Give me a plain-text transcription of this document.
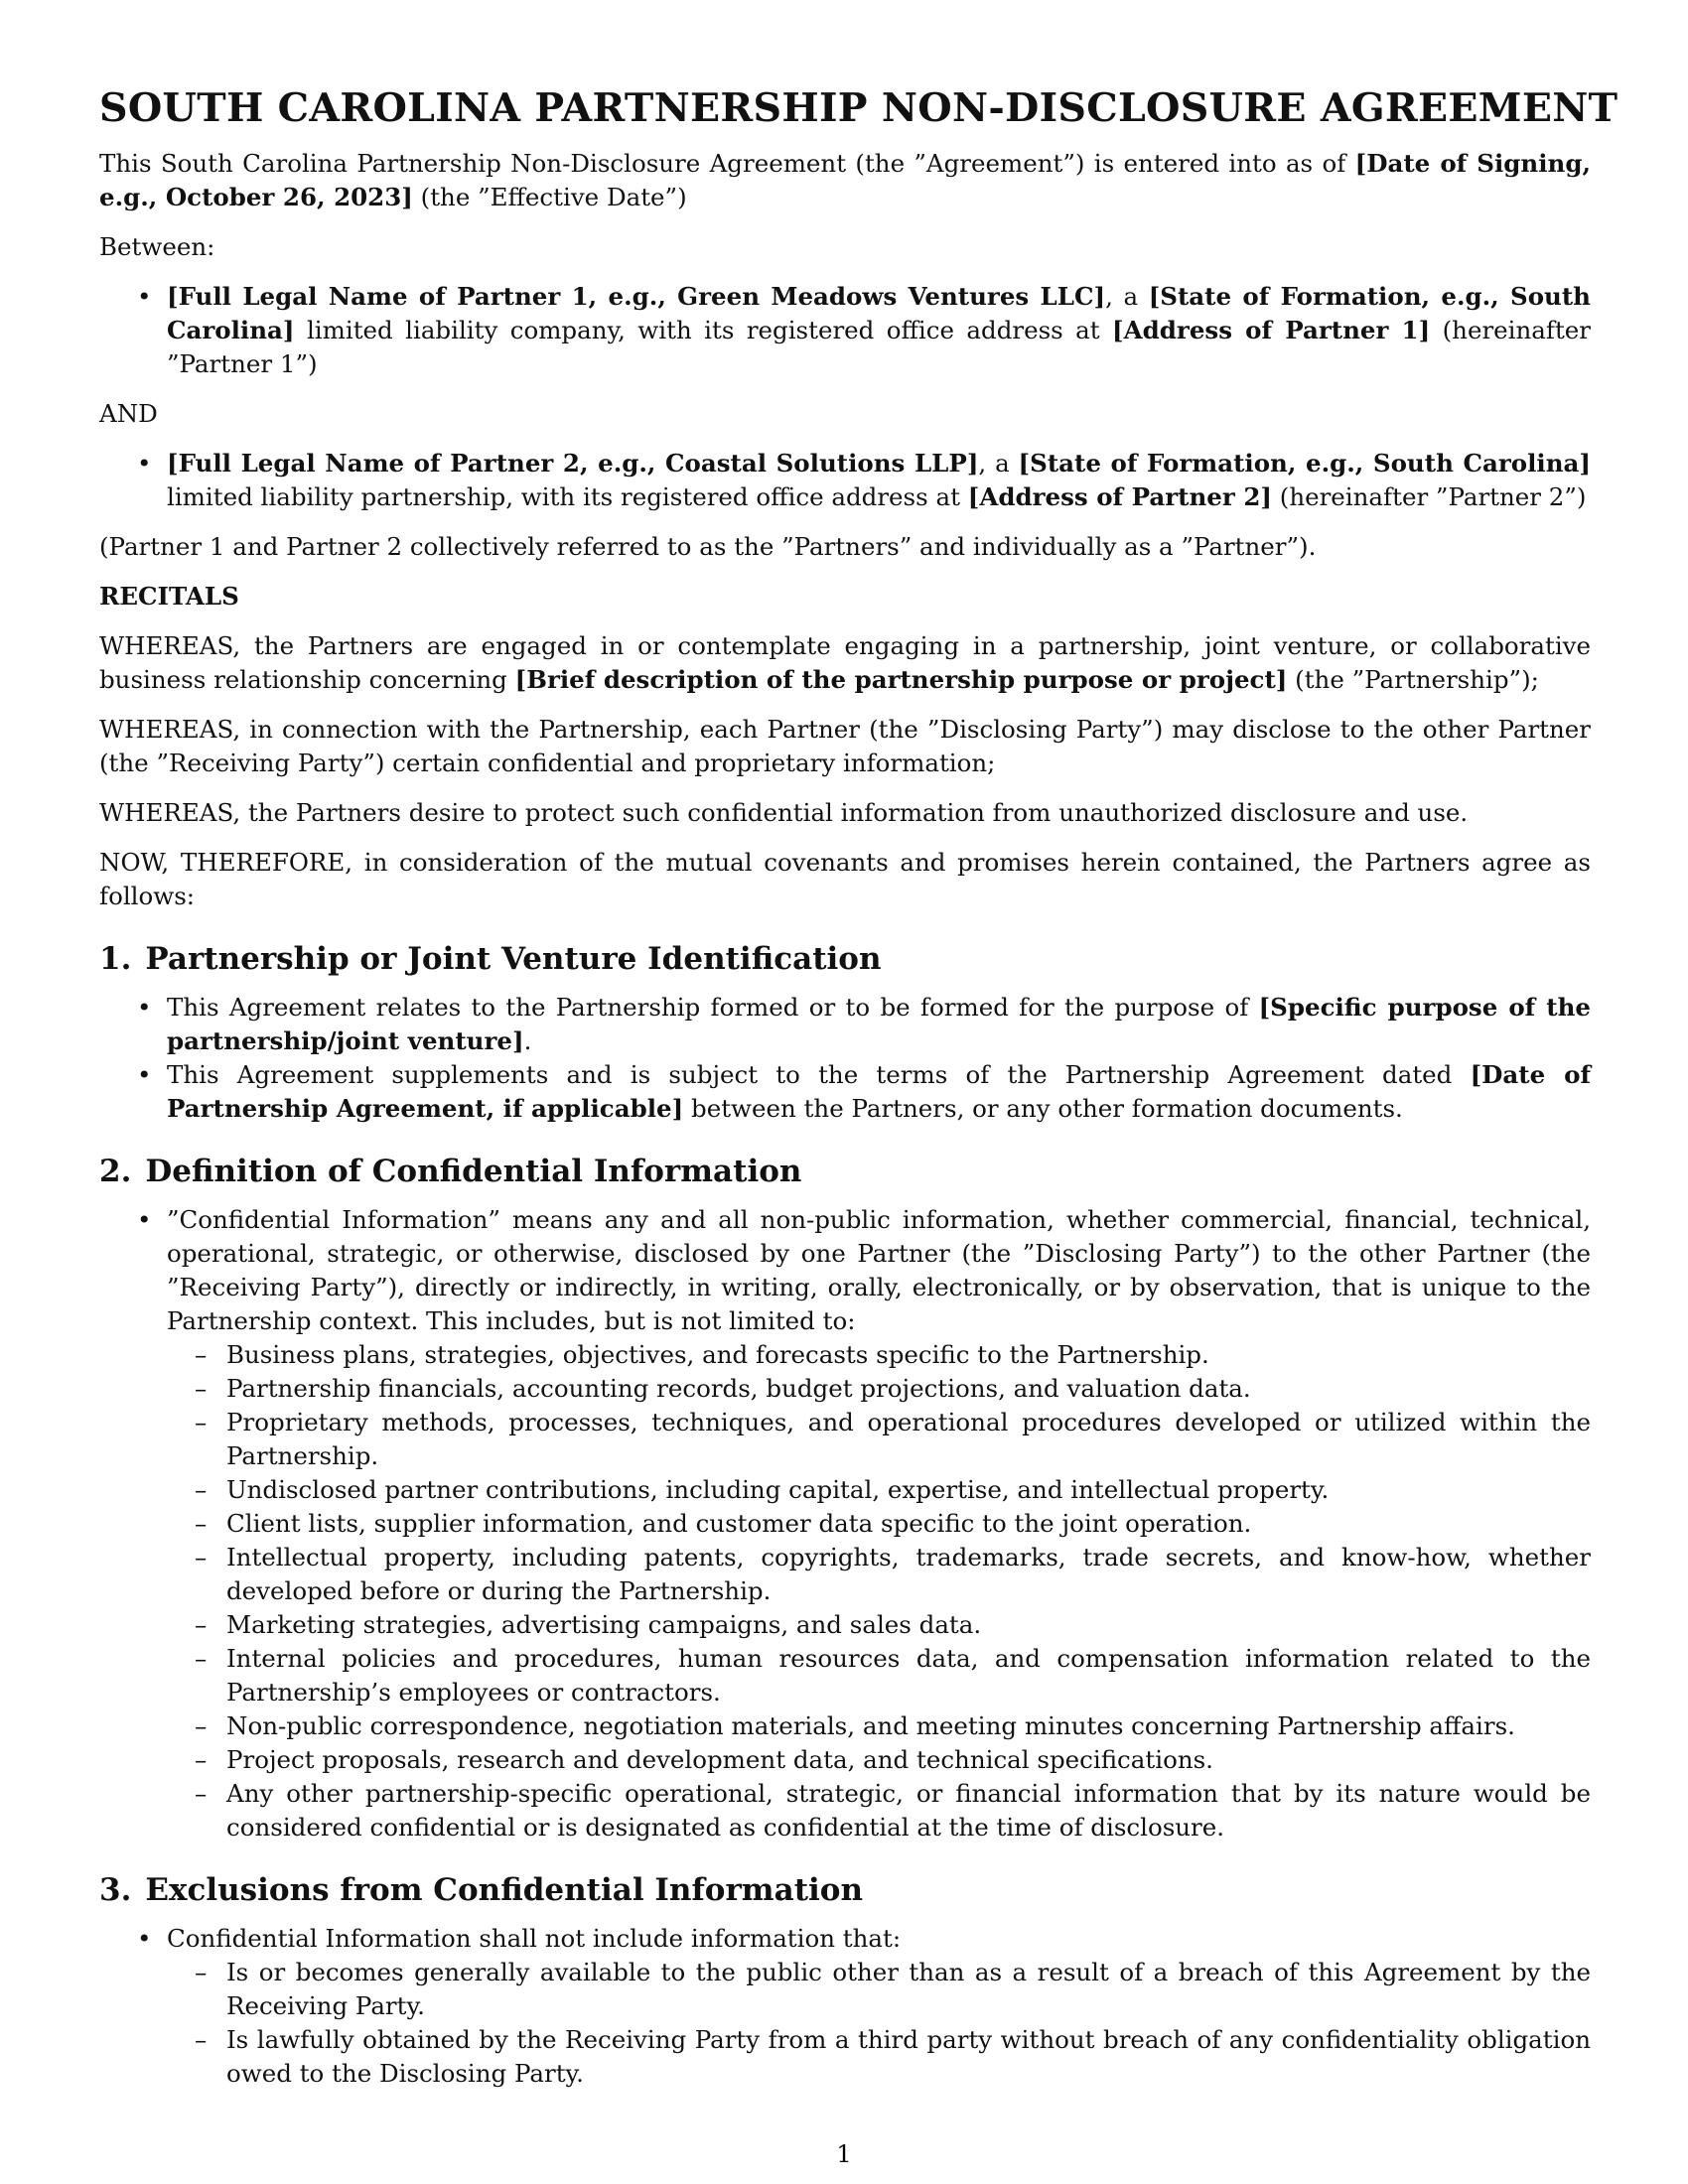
SOUTH CAROLINA PARTNERSHIP NON-DISCLOSURE AGREEMENT

This South Carolina Partnership Non-Disclosure Agreement (the ”Agreement”) is entered into as of [Date of Signing, e.g., October 26, 2023] (the ”Effective Date”)

Between:

• [Full Legal Name of Partner 1, e.g., Green Meadows Ventures LLC], a [State of Formation, e.g., South Carolina] limited liability company, with its registered office address at [Address of Partner 1] (hereinafter ”Partner 1”)

AND

• [Full Legal Name of Partner 2, e.g., Coastal Solutions LLP], a [State of Formation, e.g., South Carolina] limited liability partnership, with its registered office address at [Address of Partner 2] (hereinafter ”Partner 2”)

(Partner 1 and Partner 2 collectively referred to as the ”Partners” and individually as a ”Partner”).

RECITALS

WHEREAS, the Partners are engaged in or contemplate engaging in a partnership, joint venture, or collaborative business relationship concerning [Brief description of the partnership purpose or project] (the ”Partnership”);

WHEREAS, in connection with the Partnership, each Partner (the ”Disclosing Party”) may disclose to the other Partner (the ”Receiving Party”) certain confidential and proprietary information;

WHEREAS, the Partners desire to protect such confidential information from unauthorized disclosure and use.

NOW, THEREFORE, in consideration of the mutual covenants and promises herein contained, the Partners agree as follows:

1. Partnership or Joint Venture Identification
• This Agreement relates to the Partnership formed or to be formed for the purpose of [Specific purpose of the partnership/joint venture].
• This Agreement supplements and is subject to the terms of the Partnership Agreement dated [Date of Partnership Agreement, if applicable] between the Partners, or any other formation documents.
2. Definition of Confidential Information
• ”Confidential Information” means any and all non-public information, whether commercial, financial, technical, operational, strategic, or otherwise, disclosed by one Partner (the ”Disclosing Party”) to the other Partner (the ”Receiving Party”), directly or indirectly, in writing, orally, electronically, or by observation, that is unique to the Partnership context. This includes, but is not limited to:
– Business plans, strategies, objectives, and forecasts specific to the Partnership.
– Partnership financials, accounting records, budget projections, and valuation data.
– Proprietary methods, processes, techniques, and operational procedures developed or utilized within the Partnership.
– Undisclosed partner contributions, including capital, expertise, and intellectual property.
– Client lists, supplier information, and customer data specific to the joint operation.
– Intellectual property, including patents, copyrights, trademarks, trade secrets, and know-how, whether developed before or during the Partnership.
– Marketing strategies, advertising campaigns, and sales data.
– Internal policies and procedures, human resources data, and compensation information related to the Partnership’s employees or contractors.
– Non-public correspondence, negotiation materials, and meeting minutes concerning Partnership affairs.
– Project proposals, research and development data, and technical specifications.
– Any other partnership-specific operational, strategic, or financial information that by its nature would be considered confidential or is designated as confidential at the time of disclosure.
3. Exclusions from Confidential Information
• Confidential Information shall not include information that:
– Is or becomes generally available to the public other than as a result of a breach of this Agreement by the Receiving Party.
– Is lawfully obtained by the Receiving Party from a third party without breach of any confidentiality obligation owed to the Disclosing Party.
1
